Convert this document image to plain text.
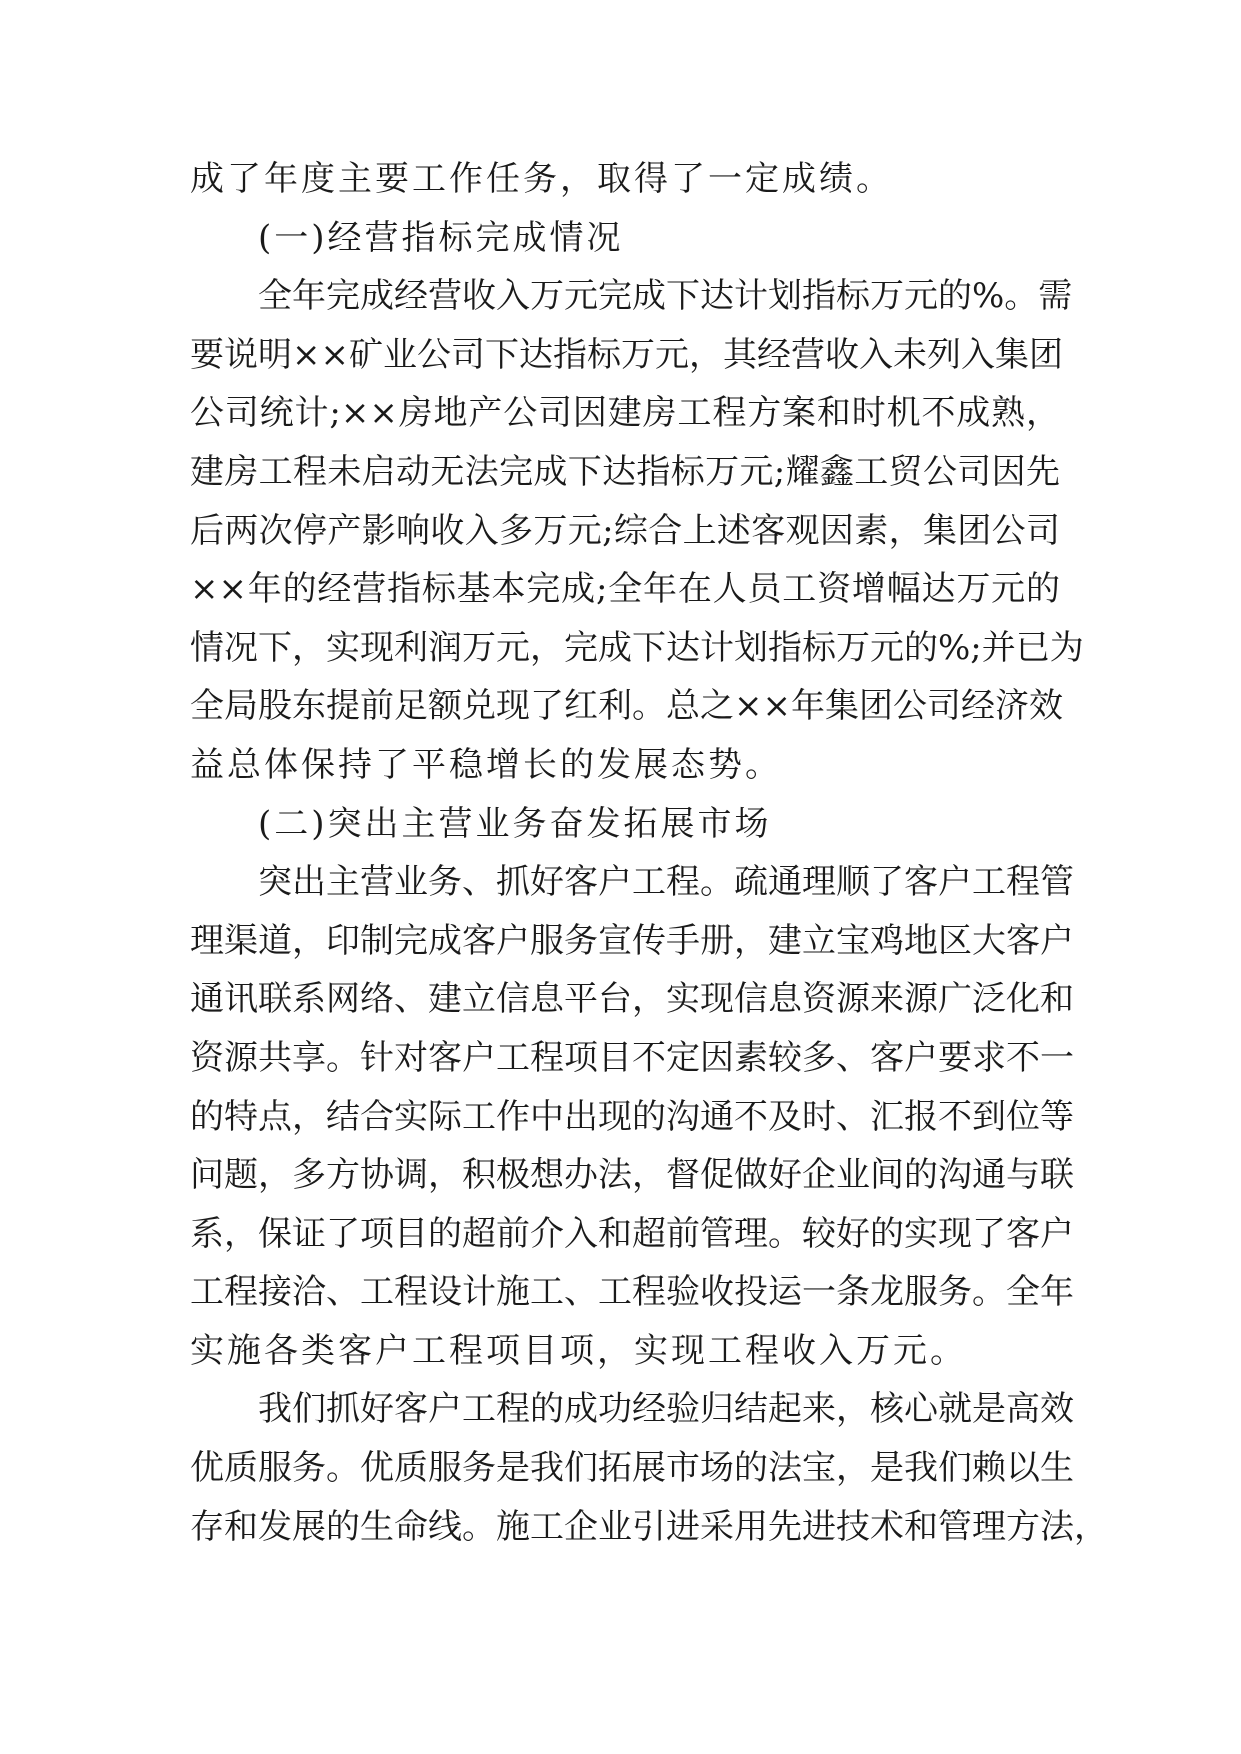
成了年度主要工作任务，取得了一定成绩。
(一)经营指标完成情况
全年完成经营收入万元完成下达计划指标万元的%。需
要说明××矿业公司下达指标万元，其经营收入未列入集团
公司统计;××房地产公司因建房工程方案和时机不成熟，
建房工程未启动无法完成下达指标万元;耀鑫工贸公司因先
后两次停产影响收入多万元;综合上述客观因素，集团公司
××年的经营指标基本完成;全年在人员工资增幅达万元的
情况下，实现利润万元，完成下达计划指标万元的%;并已为
全局股东提前足额兑现了红利。总之××年集团公司经济效
益总体保持了平稳增长的发展态势。
(二)突出主营业务奋发拓展市场
突出主营业务、抓好客户工程。疏通理顺了客户工程管
理渠道，印制完成客户服务宣传手册，建立宝鸡地区大客户
通讯联系网络、建立信息平台，实现信息资源来源广泛化和
资源共享。针对客户工程项目不定因素较多、客户要求不一
的特点，结合实际工作中出现的沟通不及时、汇报不到位等
问题，多方协调，积极想办法，督促做好企业间的沟通与联
系，保证了项目的超前介入和超前管理。较好的实现了客户
工程接洽、工程设计施工、工程验收投运一条龙服务。全年
实施各类客户工程项目项，实现工程收入万元。
我们抓好客户工程的成功经验归结起来，核心就是高效
优质服务。优质服务是我们拓展市场的法宝，是我们赖以生
存和发展的生命线。施工企业引进采用先进技术和管理方法，
